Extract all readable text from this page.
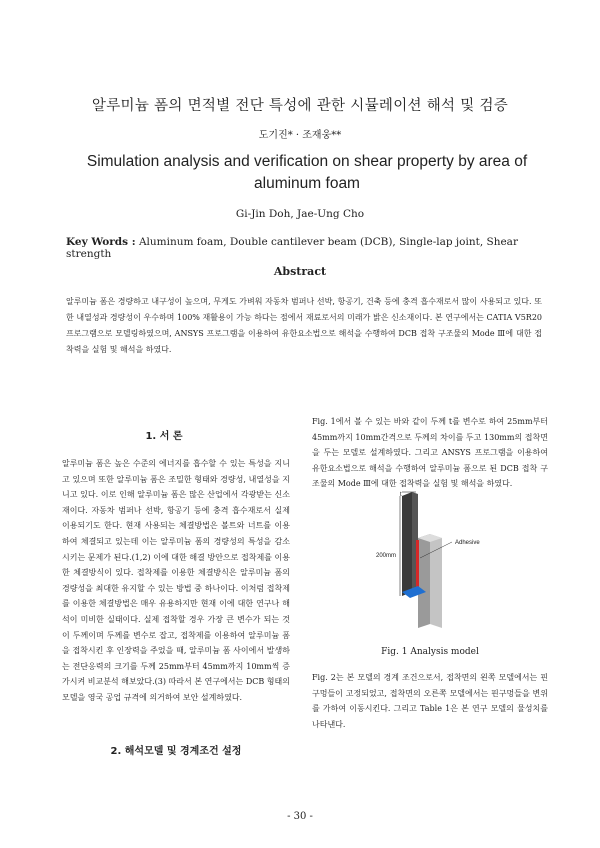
알루미늄 폼의 면적별 전단 특성에 관한 시뮬레이션 해석 및 검증
도기진* · 조재웅**
Simulation analysis and verification on shear property by area of aluminum foam
Gi-Jin Doh, Jae-Ung Cho
Key Words : Aluminum foam, Double cantilever beam (DCB), Single-lap joint, Shear strength
Abstract
알루미늄 폼은 경량하고 내구성이 높으며, 무게도 가벼워 자동차 범퍼나 선박, 항공기, 건축 등에 충격 흡수재로서 많이 사용되고 있다. 또한 내열성과 경량성이 우수하며 100% 재활용이 가능 하다는 점에서 재료로서의 미래가 밝은 신소재이다. 본 연구에서는 CATIA V5R20 프로그램으로 모델링하였으며, ANSYS 프로그램을 이용하여 유한요소법으로 해석을 수행하여 DCB 접착 구조물의 Mode Ⅲ에 대한 접착력을 실험 및 해석을 하였다.
1. 서 론
알루미늄 폼은 높은 수준의 에너지를 흡수할 수 있는 특성을 지니고 있으며 또한 알루미늄 폼은 조밀한 형태와 경량성, 내열성을 지니고 있다. 이로 인해 알루미늄 폼은 많은 산업에서 각광받는 신소재이다. 자동차 범퍼나 선박, 항공기 등에 충격 흡수재로서 실제 이용되기도 한다. 현재 사용되는 체결방법은 볼트와 너트를 이용하여 체결되고 있는데 이는 알루미늄 폼의 경량성의 특성을 감소시키는 문제가 된다.(1,2) 이에 대한 해결 방안으로 접착제를 이용한 체결방식이 있다. 접착제를 이용한 체결방식은 알루미늄 폼의 경량성을 최대한 유지할 수 있는 방법 중 하나이다. 이처럼 접착제를 이용한 체결방법은 매우 유용하지만 현재 이에 대한 연구나 해석이 미비한 실태이다. 실제 접착할 경우 가장 큰 변수가 되는 것이 두께이며 두께를 변수로 잡고, 접착제를 이용하여 알루미늄 폼을 접착시킨 후 인장력을 주었을 때, 알루미늄 폼 사이에서 발생하는 전단응력의 크기를 두께 25mm부터 45mm까지 10mm씩 증가시켜 비교분석 해보았다.(3) 따라서 본 연구에서는 DCB 형태의 모델을 영국 공업 규격에 의거하여 보안 설계하였다.
2. 해석모델 및 경계조건 설정
Fig. 1에서 볼 수 있는 바와 같이 두께 t를 변수로 하여 25mm부터 45mm까지 10mm간격으로 두께의 차이를 두고 130mm의 접착면을 두는 모델로 설계하였다. 그리고 ANSYS 프로그램을 이용하여 유한요소법으로 해석을 수행하여 알루미늄 폼으로 된 DCB 접착 구조물의 Mode Ⅲ에 대한 접착력을 실험 및 해석을 하였다.
t
200mm
Adhesive
Fig. 1 Analysis model
Fig. 2는 본 모델의 경계 조건으로서, 접착면의 왼쪽 모델에서는 핀구멍들이 고정되었고, 접착면의 오른쪽 모델에서는 핀구멍들을 변위를 가하여 이동시킨다. 그리고 Table 1은 본 연구 모델의 물성치를 나타낸다.
- 30 -
